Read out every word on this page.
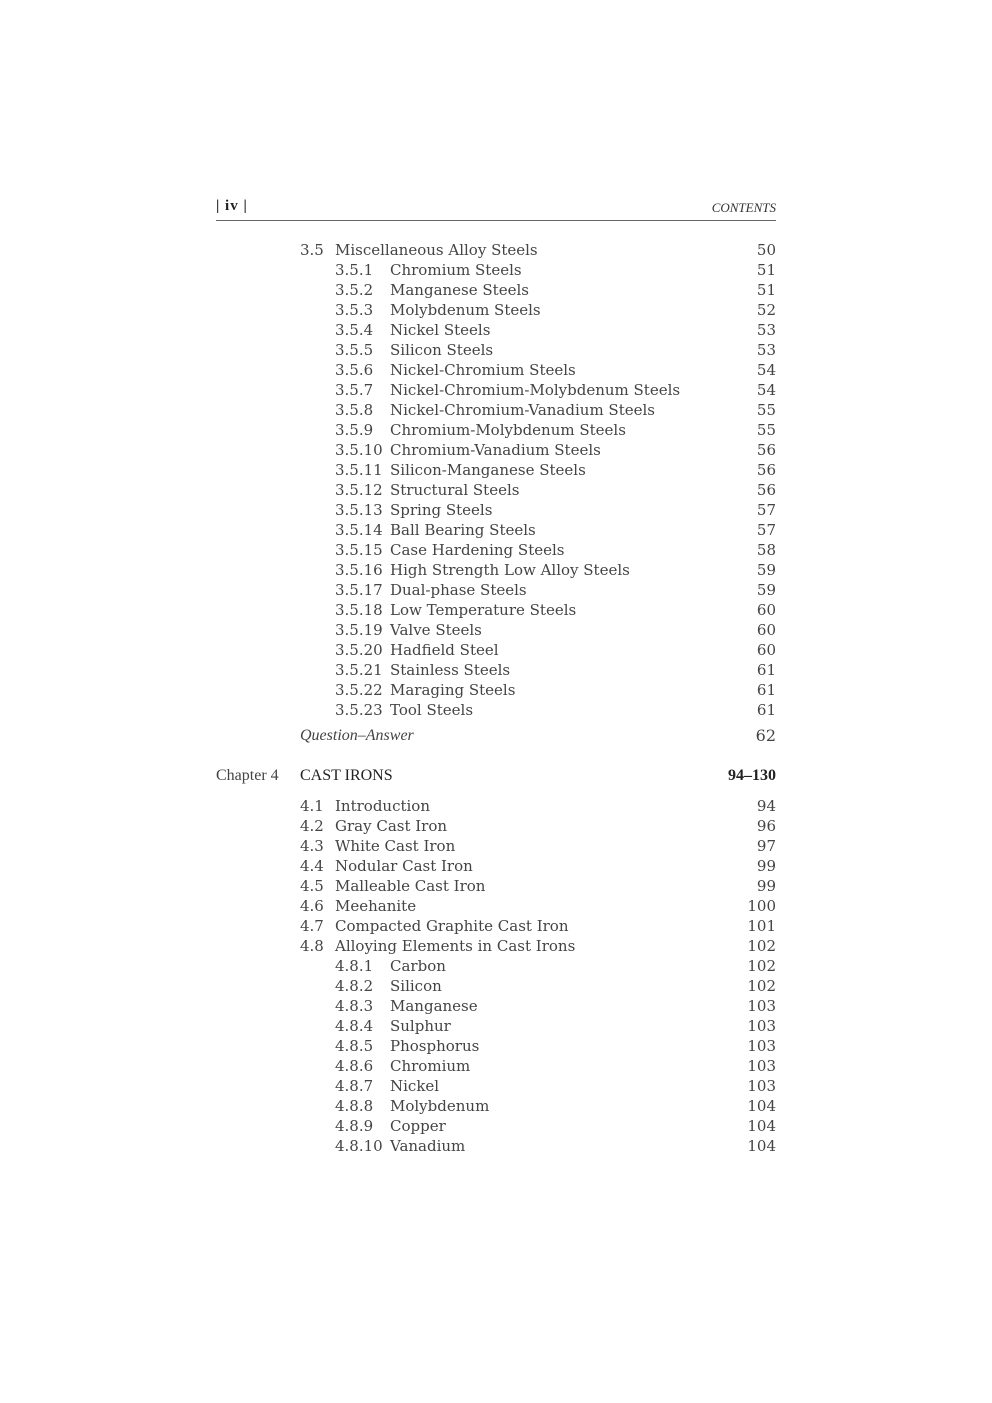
| iv |	CONTENTS
3.5 Miscellaneous Alloy Steels	50
3.5.1 Chromium Steels	51
3.5.2 Manganese Steels	51
3.5.3 Molybdenum Steels	52
3.5.4 Nickel Steels	53
3.5.5 Silicon Steels	53
3.5.6 Nickel-Chromium Steels	54
3.5.7 Nickel-Chromium-Molybdenum Steels	54
3.5.8 Nickel-Chromium-Vanadium Steels	55
3.5.9 Chromium-Molybdenum Steels	55
3.5.10 Chromium-Vanadium Steels	56
3.5.11 Silicon-Manganese Steels	56
3.5.12 Structural Steels	56
3.5.13 Spring Steels	57
3.5.14 Ball Bearing Steels	57
3.5.15 Case Hardening Steels	58
3.5.16 High Strength Low Alloy Steels	59
3.5.17 Dual-phase Steels	59
3.5.18 Low Temperature Steels	60
3.5.19 Valve Steels	60
3.5.20 Hadfield Steel	60
3.5.21 Stainless Steels	61
3.5.22 Maraging Steels	61
3.5.23 Tool Steels	61
Question–Answer	62
Chapter 4 CAST IRONS	94–130
4.1 Introduction	94
4.2 Gray Cast Iron	96
4.3 White Cast Iron	97
4.4 Nodular Cast Iron	99
4.5 Malleable Cast Iron	99
4.6 Meehanite	100
4.7 Compacted Graphite Cast Iron	101
4.8 Alloying Elements in Cast Irons	102
4.8.1 Carbon	102
4.8.2 Silicon	102
4.8.3 Manganese	103
4.8.4 Sulphur	103
4.8.5 Phosphorus	103
4.8.6 Chromium	103
4.8.7 Nickel	103
4.8.8 Molybdenum	104
4.8.9 Copper	104
4.8.10 Vanadium	104
